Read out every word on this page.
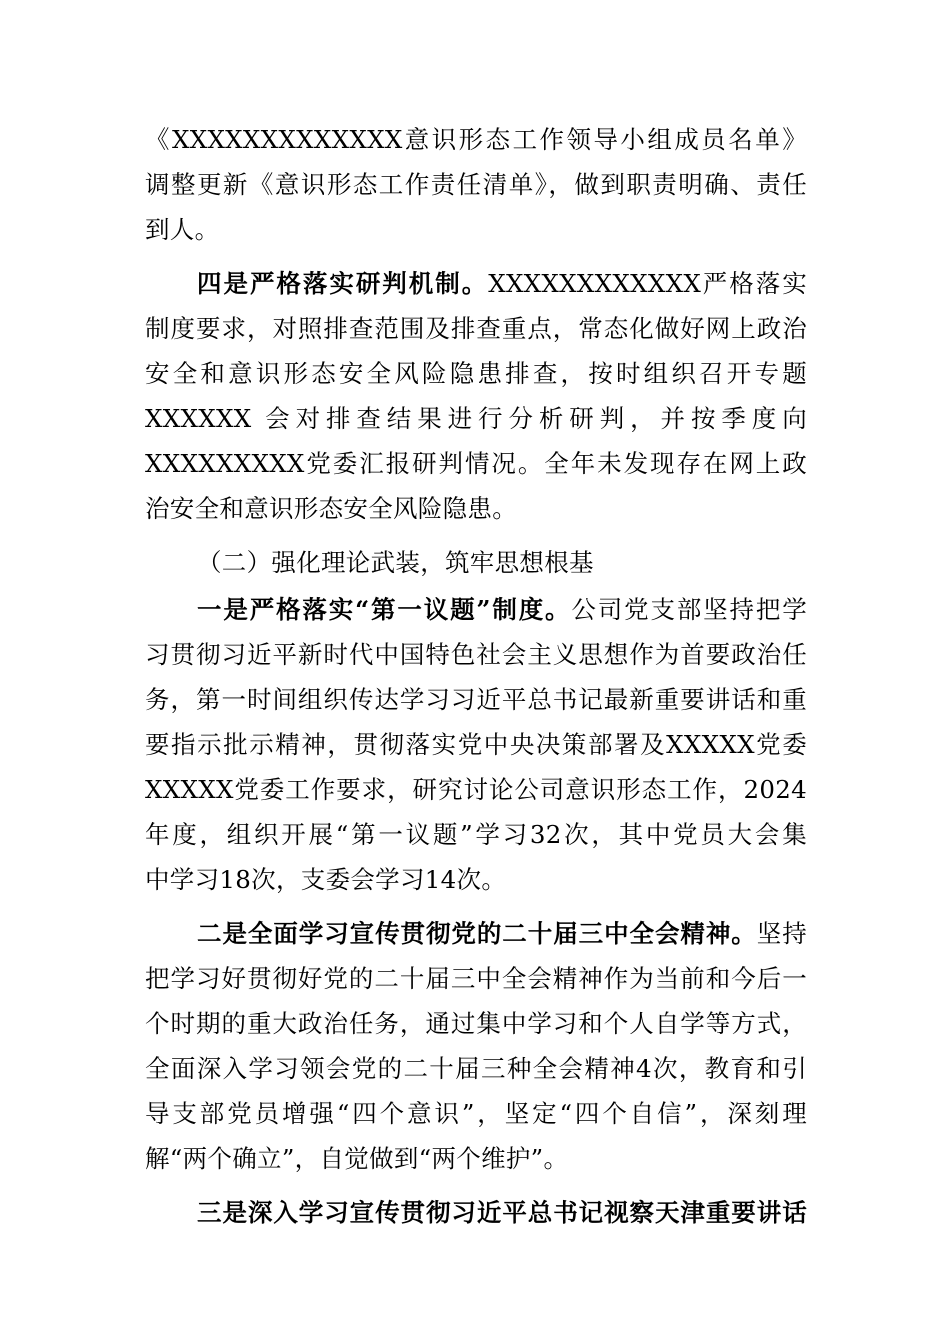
《XXXXXXXXXXXXX意识形态工作领导小组成员名单》
调整更新《意识形态工作责任清单》，做到职责明确、责任
到人。
四是严格落实研判机制。XXXXXXXXXXXX严格落实
制度要求，对照排查范围及排查重点，常态化做好网上政治
安全和意识形态安全风险隐患排查，按时组织召开专题
XXXXXX 会对排查结果进行分析研判，并按季度向
XXXXXXXXX党委汇报研判情况。全年未发现存在网上政
治安全和意识形态安全风险隐患。
（二）强化理论武装，筑牢思想根基
一是严格落实“第一议题”制度。公司党支部坚持把学
习贯彻习近平新时代中国特色社会主义思想作为首要政治任
务，第一时间组织传达学习习近平总书记最新重要讲话和重
要指示批示精神，贯彻落实党中央决策部署及XXXXX党委
XXXXX党委工作要求，研究讨论公司意识形态工作，2024
年度，组织开展“第一议题”学习32次，其中党员大会集
中学习18次，支委会学习14次。
二是全面学习宣传贯彻党的二十届三中全会精神。坚持
把学习好贯彻好党的二十届三中全会精神作为当前和今后一
个时期的重大政治任务，通过集中学习和个人自学等方式，
全面深入学习领会党的二十届三种全会精神4次，教育和引
导支部党员增强“四个意识”，坚定“四个自信”，深刻理
解“两个确立”，自觉做到“两个维护”。
三是深入学习宣传贯彻习近平总书记视察天津重要讲话
